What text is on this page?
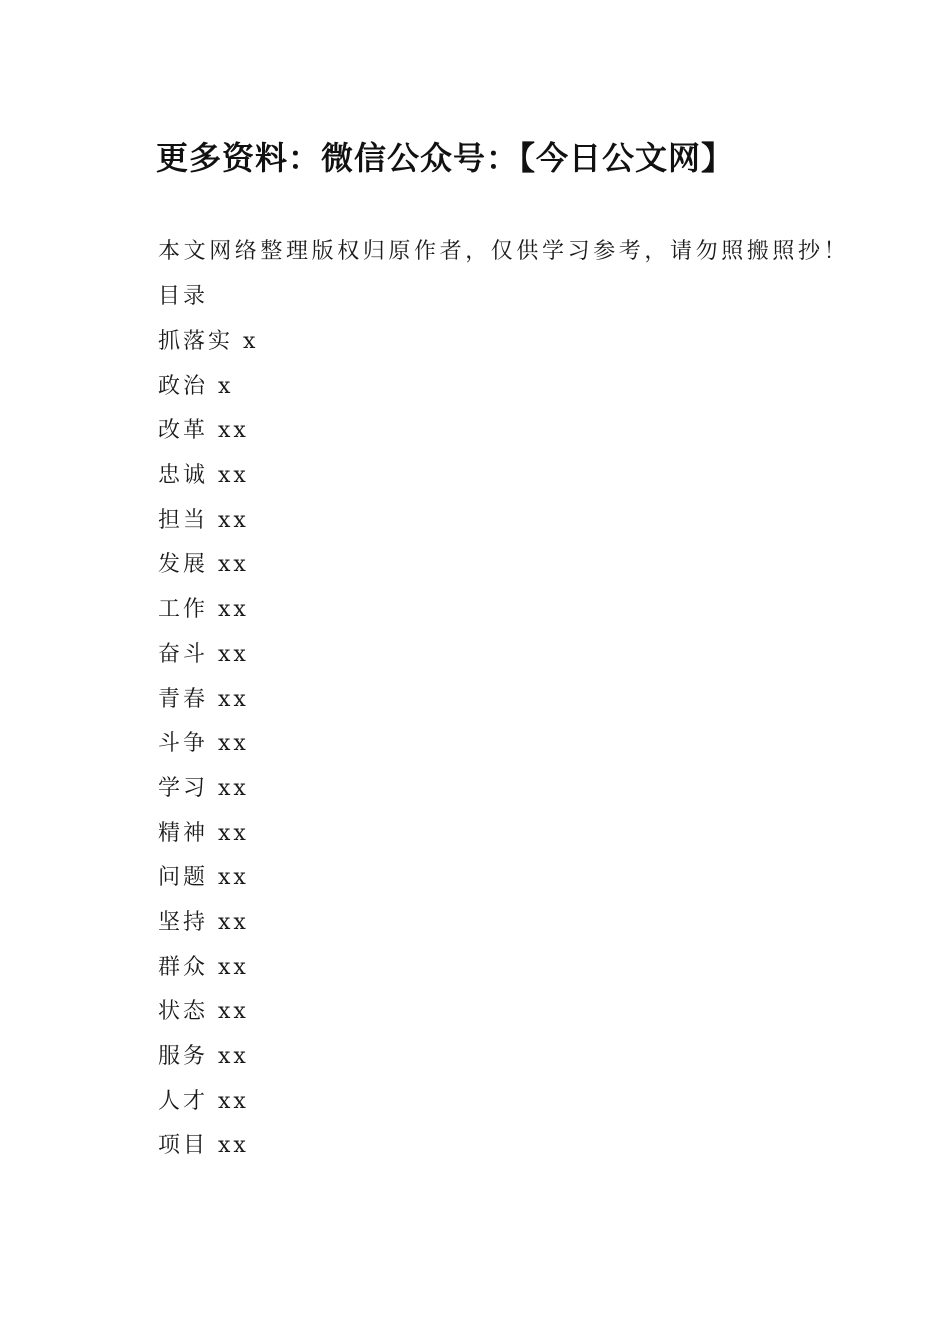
更多资料：微信公众号：【今日公文网】
本文网络整理版权归原作者，仅供学习参考，请勿照搬照抄！
目录
抓落实 x
政治 x
改革 xx
忠诚 xx
担当 xx
发展 xx
工作 xx
奋斗 xx
青春 xx
斗争 xx
学习 xx
精神 xx
问题 xx
坚持 xx
群众 xx
状态 xx
服务 xx
人才 xx
项目 xx
